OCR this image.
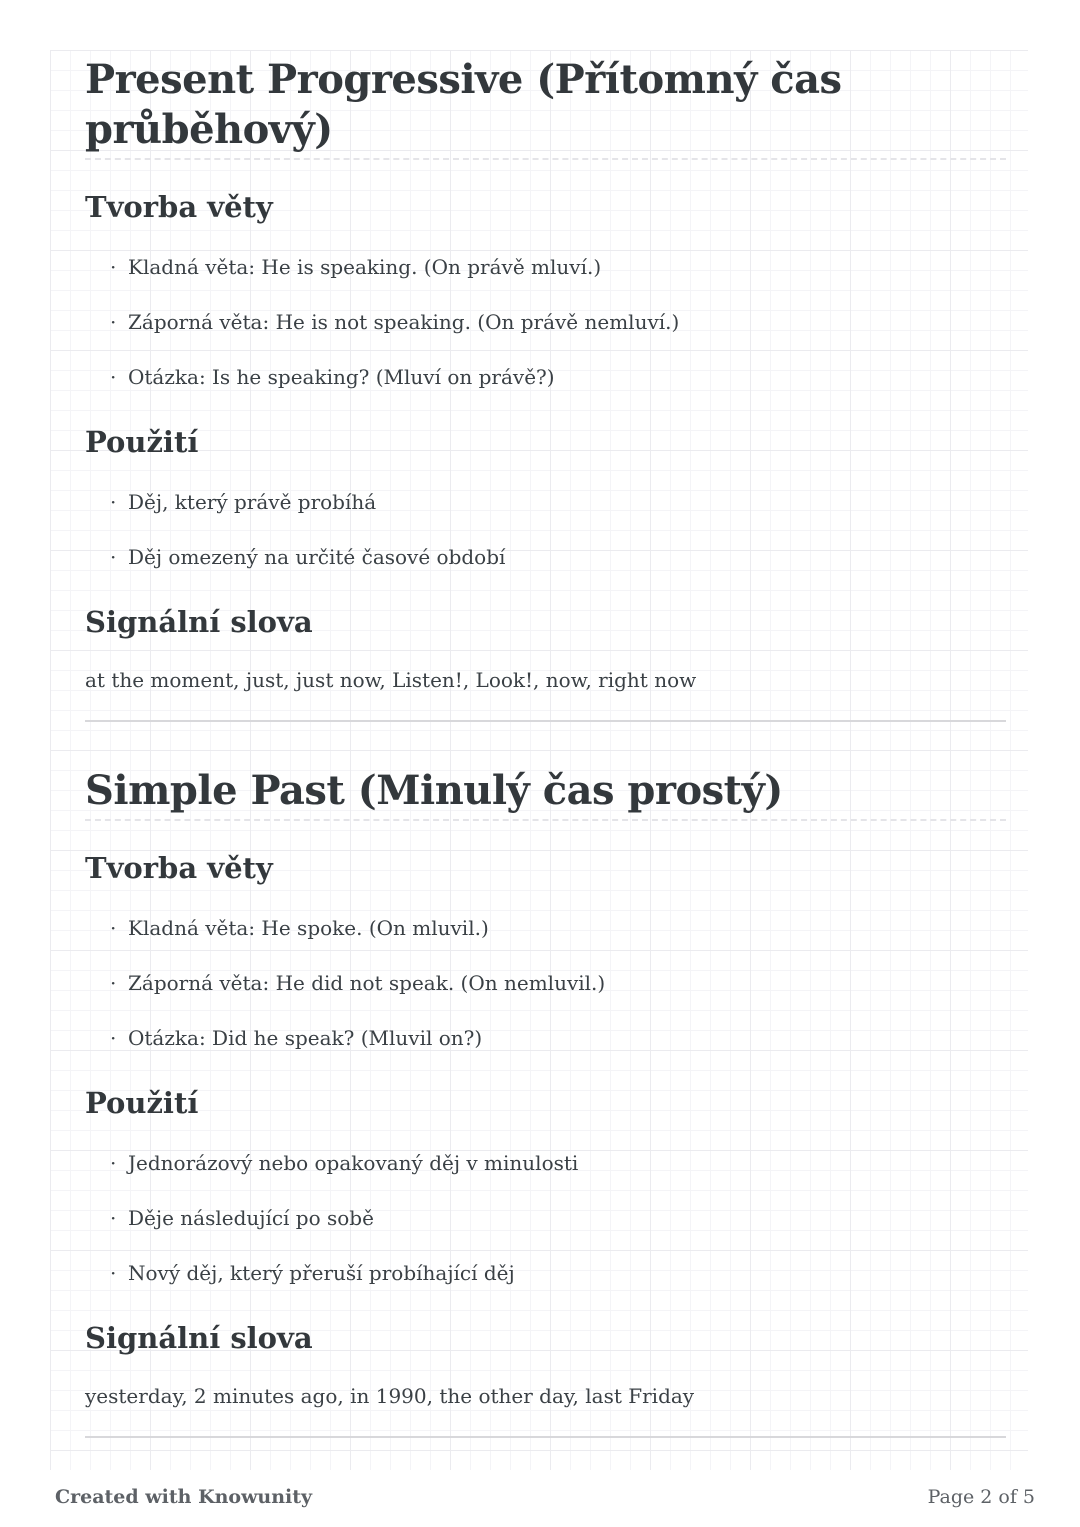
Present Progressive (Přítomný čas průběhový)
Tvorba věty
Kladná věta: He is speaking. (On právě mluví.)
Záporná věta: He is not speaking. (On právě nemluví.)
Otázka: Is he speaking? (Mluví on právě?)
Použití
Děj, který právě probíhá
Děj omezený na určité časové období
Signální slova

at the moment, just, just now, Listen!, Look!, now, right now

Simple Past (Minulý čas prostý)
Tvorba věty
Kladná věta: He spoke. (On mluvil.)
Záporná věta: He did not speak. (On nemluvil.)
Otázka: Did he speak? (Mluvil on?)
Použití
Jednorázový nebo opakovaný děj v minulosti
Děje následující po sobě
Nový děj, který přeruší probíhající děj
Signální slova

yesterday, 2 minutes ago, in 1990, the other day, last Friday

Created with Knowunity	Page 2 of 5
